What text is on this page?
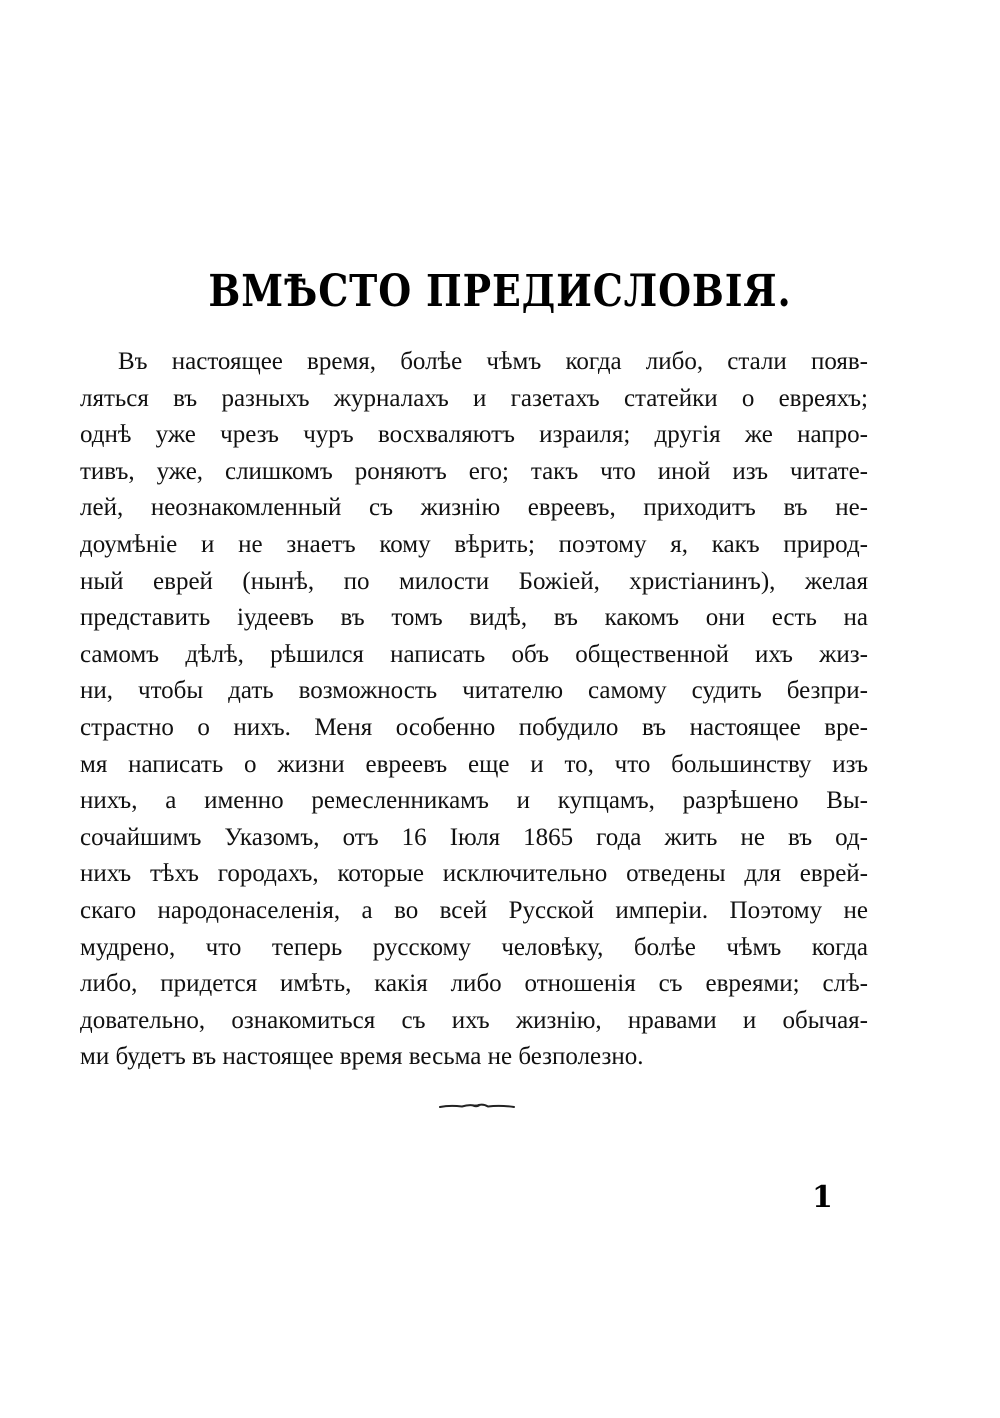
ВМѢСТО ПРЕДИСЛОВІЯ.
Въ настоящее время, болѣе чѣмъ когда либо, стали появ-
ляться въ разныхъ журналахъ и газетахъ статейки о евреяхъ;
однѣ уже чрезъ чуръ восхваляютъ израиля; другія же напро-
тивъ, уже, слишкомъ роняютъ его; такъ что иной изъ читате-
лей, неознакомленный съ жизнію евреевъ, приходитъ въ не-
доумѣніе и не знаетъ кому вѣрить; поэтому я, какъ природ-
ный еврей (нынѣ, по милости Божіей, христіанинъ), желая
представить іудеевъ въ томъ видѣ, въ какомъ они есть на
самомъ дѣлѣ, рѣшился написать объ общественной ихъ жиз-
ни, чтобы дать возможность читателю самому судить безпри-
страстно о нихъ. Меня особенно побудило въ настоящее вре-
мя написать о жизни евреевъ еще и то, что большинству изъ
нихъ, а именно ремесленникамъ и купцамъ, разрѣшено Вы-
сочайшимъ Указомъ, отъ 16 Іюля 1865 года жить не въ од-
нихъ тѣхъ городахъ, которые исключительно отведены для еврей-
скаго народонаселенія, а во всей Русской имперіи. Поэтому не
мудрено, что теперь русскому человѣку, болѣе чѣмъ когда
либо, придется имѣть, какія либо отношенія съ евреями; слѣ-
довательно, ознакомиться съ ихъ жизнію, нравами и обычая-
ми будетъ въ настоящее время весьма не безполезно.
1
